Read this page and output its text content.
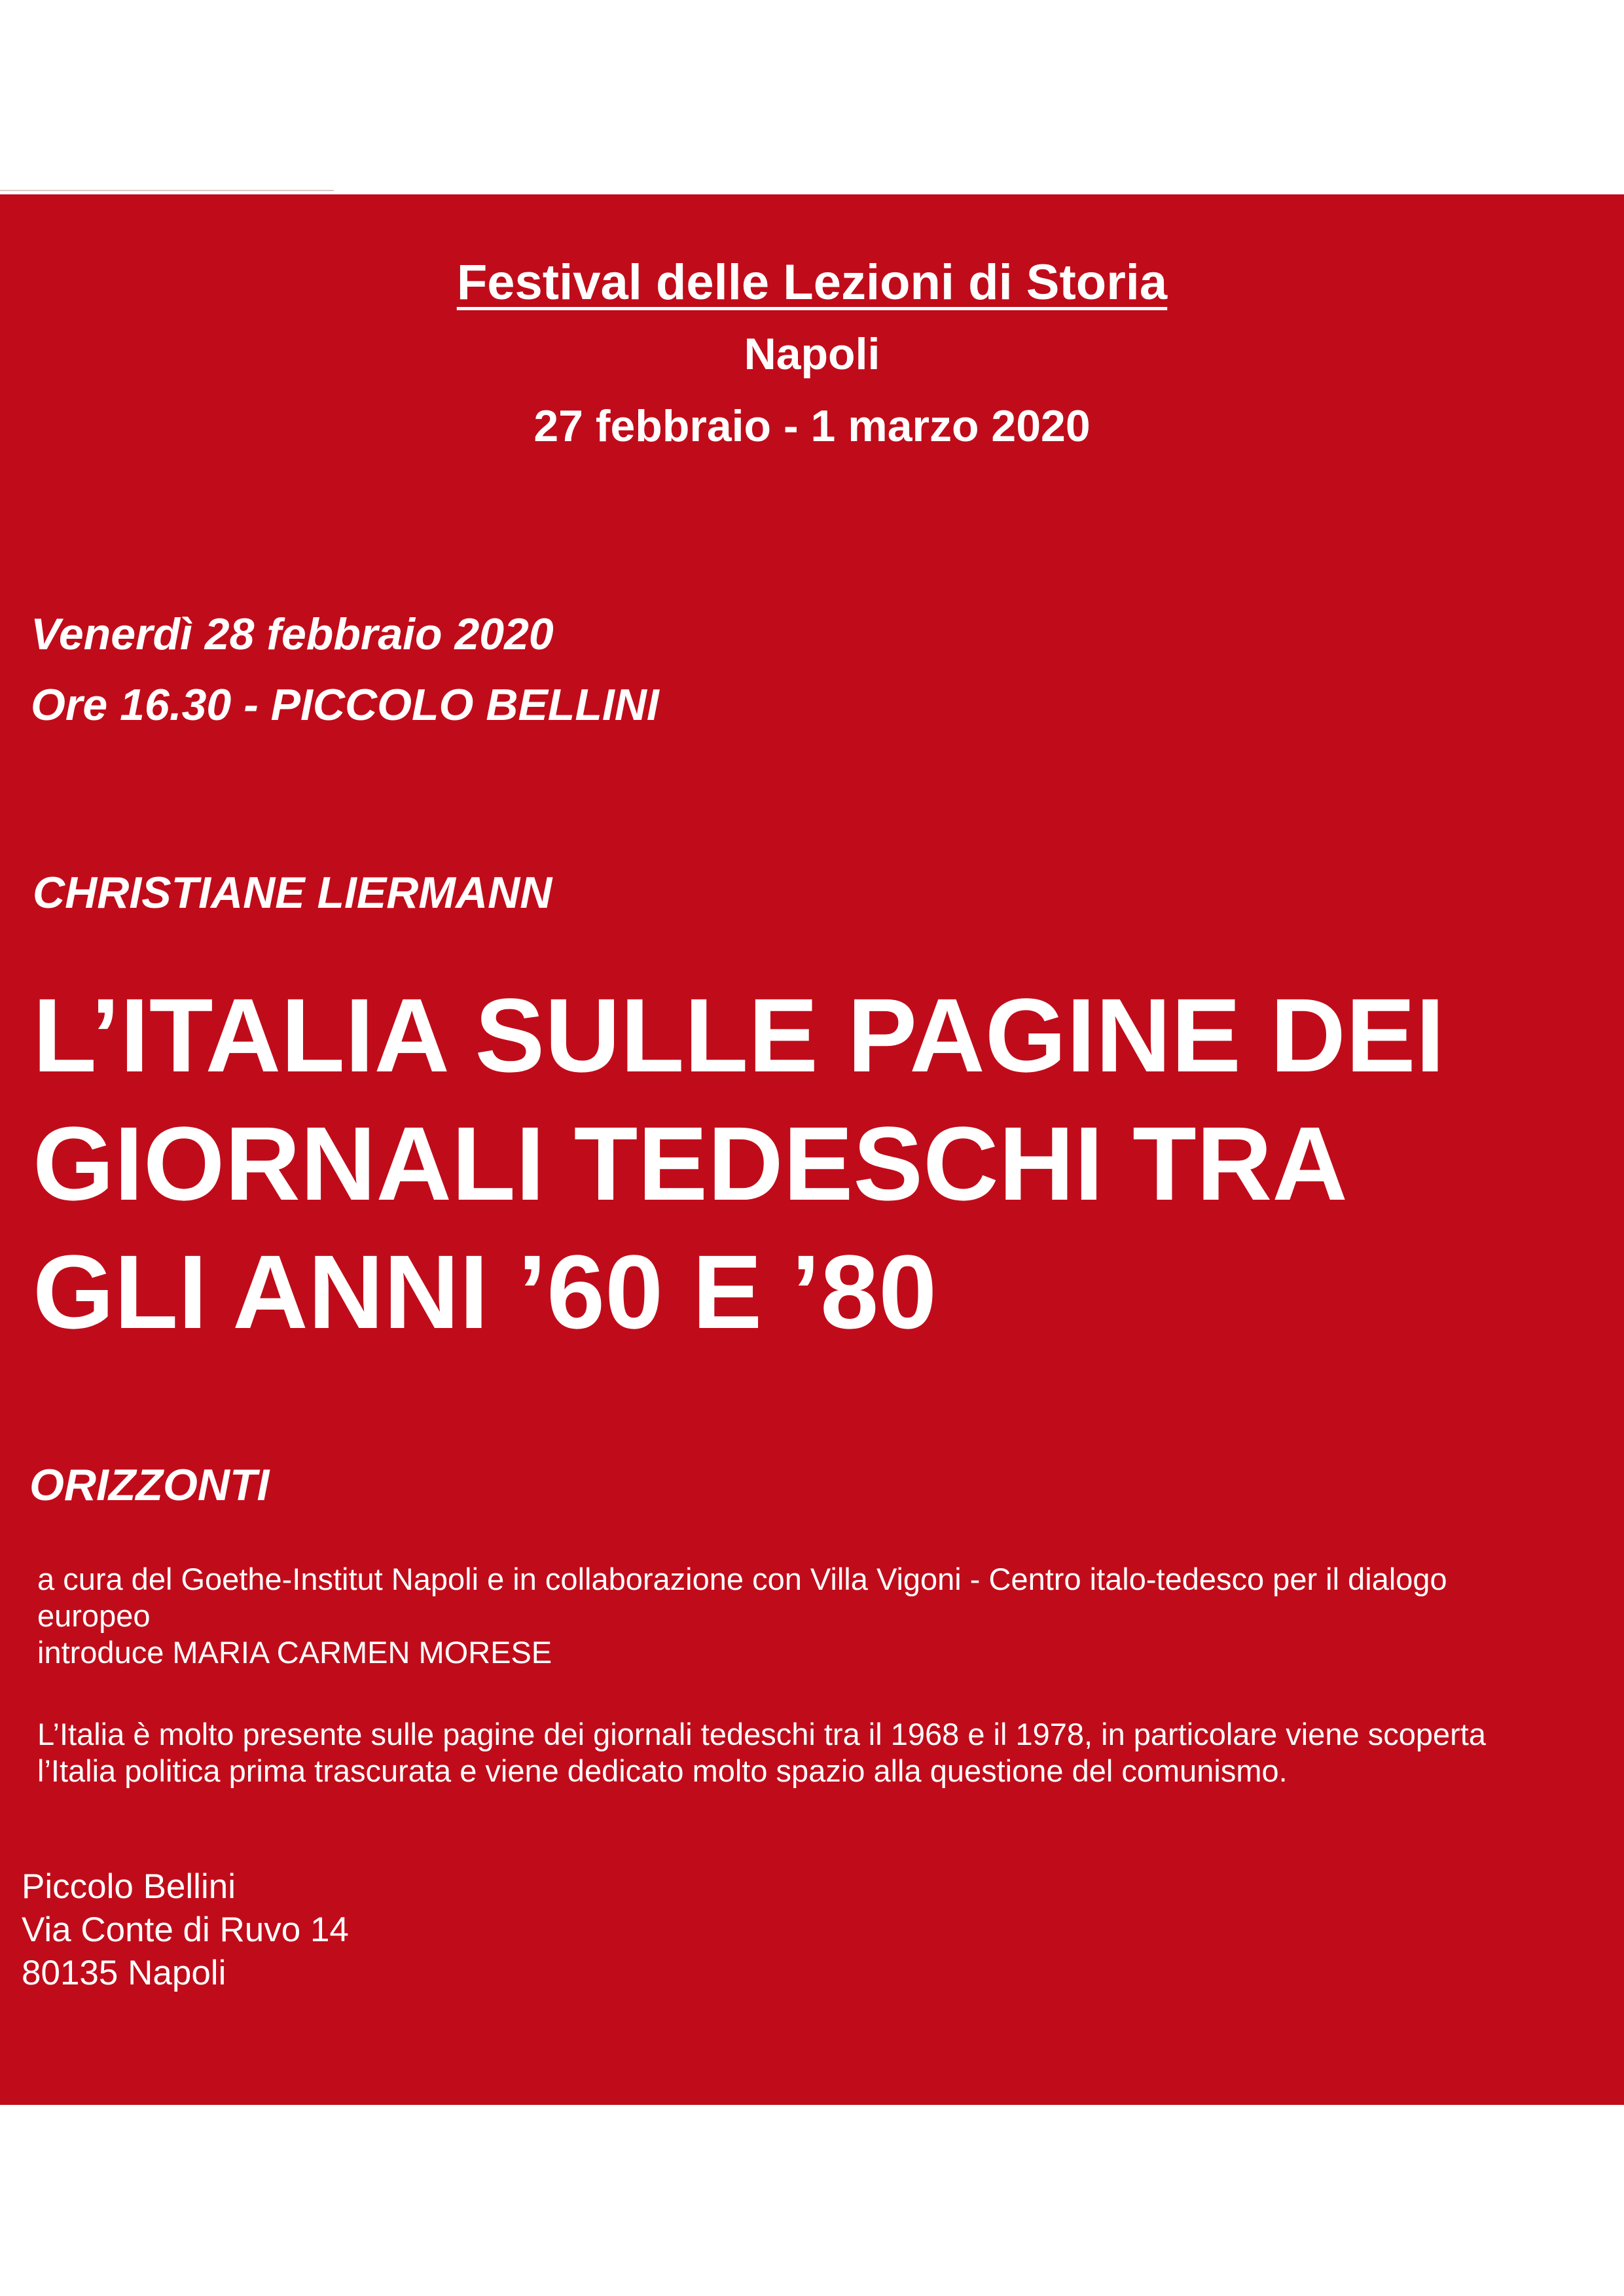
Festival delle Lezioni di Storia

Napoli

27 febbraio - 1 marzo 2020

Venerdì 28 febbraio 2020

Ore 16.30 - PICCOLO BELLINI

CHRISTIANE LIERMANN

L’ITALIA SULLE PAGINE DEI
GIORNALI TEDESCHI TRA
GLI ANNI ’60 E ’80

ORIZZONTI

a cura del Goethe-Institut Napoli e in collaborazione con Villa Vigoni - Centro italo-tedesco per il dialogo

europeo

introduce MARIA CARMEN MORESE

L’Italia è molto presente sulle pagine dei giornali tedeschi tra il 1968 e il 1978, in particolare viene scoperta

l’Italia politica prima trascurata e viene dedicato molto spazio alla questione del comunismo.

Piccolo Bellini

Via Conte di Ruvo 14

80135 Napoli
